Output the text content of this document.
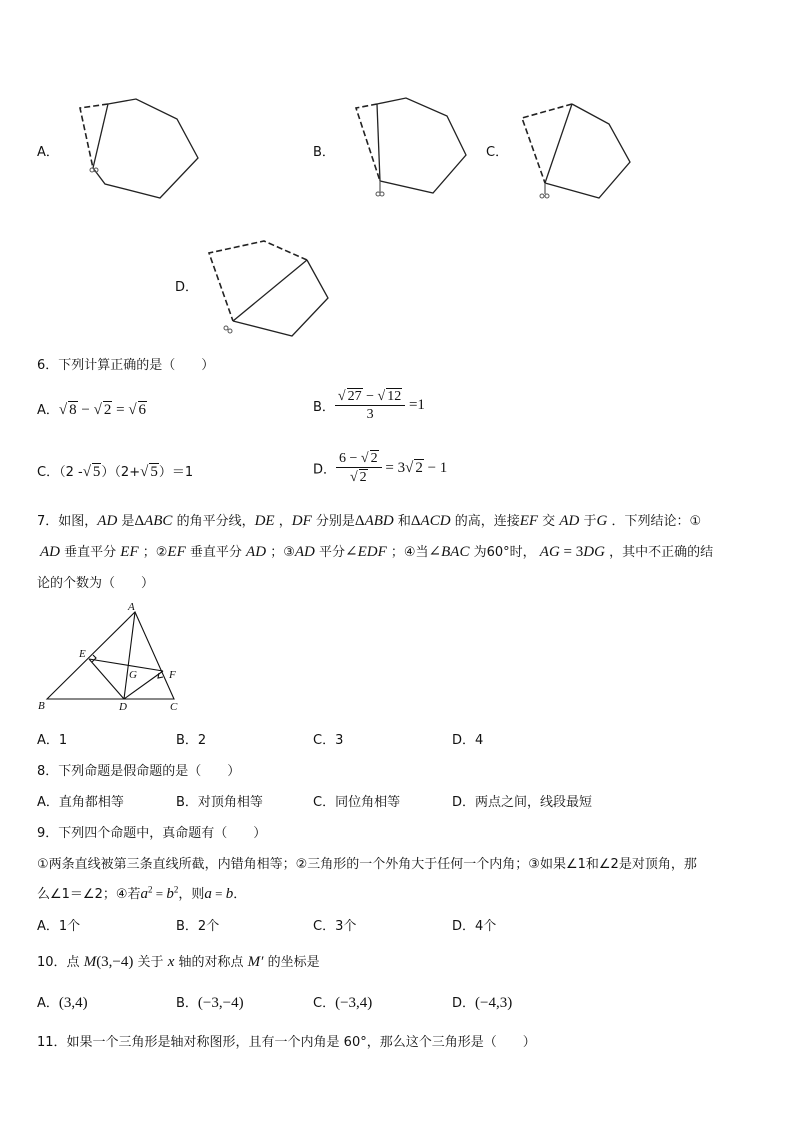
A．	B．	C．
D．
6．下列计算正确的是（　　）
A． √ 8 − √ 2 = √ 6	B． √ $\frac{27 - √ 12}{3} =1$
C．（2 - √ 5）（2+ √ 5）＝1	D． 6 − √ 2
√ 2 = 3 √ 2 − 1
7．如图，AD 是ΔABC 的角平分线，DE ，DF 分别是ΔABD 和ΔACD 的高，连接EF 交 AD 于G ．下列结论：①
AD 垂直平分 EF ；②EF 垂直平分 AD ；③AD 平分∠EDF ；④当∠BAC 为60°时， AG = 3DG ，其中不正确的结
论的个数为（　　）
A
B	C
D
E
F
G
A．1	B．2	C．3	D．4
8．下列命题是假命题的是（　　）
A．直角都相等	B．对顶角相等	C．同位角相等	D．两点之间，线段最短
9．下列四个命题中，真命题有（　　）
①两条直线被第三条直线所截，内错角相等；②三角形的一个外角大于任何一个内角；③如果∠1和∠2是对顶角，那
么∠1＝∠2；④若$a^2 = b^2$，则a = b．
A．1个	B．2个	C．3个	D．4个
10．点 M(3,−4) 关于 x 轴的对称点 M′ 的坐标是
A．(3,4)	B．(−3,−4)	C．(−3,4)	D．(−4,3)
11．如果一个三角形是轴对称图形，且有一个内角是 60°，那么这个三角形是（　　）
